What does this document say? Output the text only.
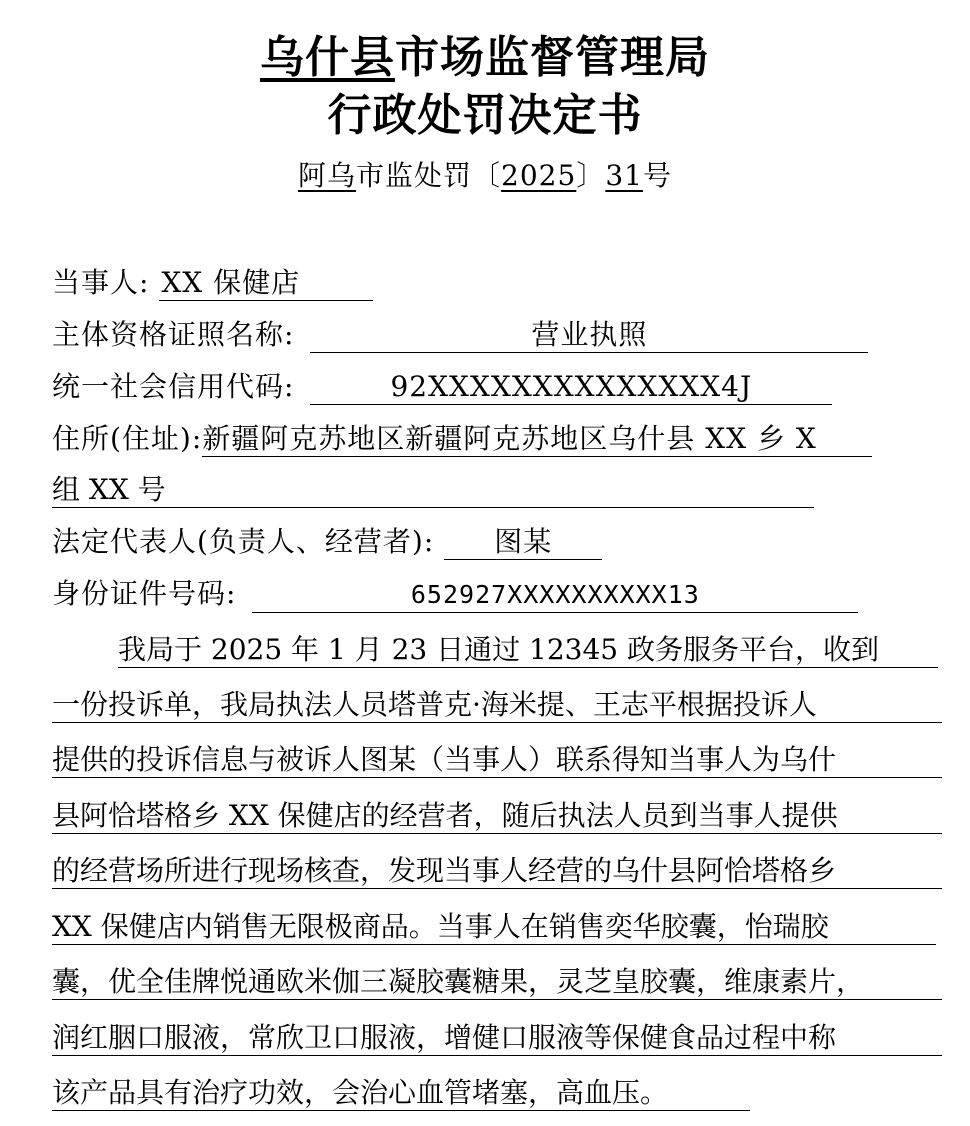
乌什县市场监督管理局
行政处罚决定书
阿乌市监处罚〔2025〕31号
当事人: XX 保健店
主体资格证照名称:	营业执照
统一社会信用代码:	92XXXXXXXXXXXXXX4J
住所(住址):新疆阿克苏地区新疆阿克苏地区乌什县 XX 乡 X
组 XX 号
法定代表人(负责人、经营者): 图某
身份证件号码:	652927XXXXXXXXXX13
我局于 2025 年 1 月 23 日通过 12345 政务服务平台，收到
一份投诉单，我局执法人员塔普克·海米提、王志平根据投诉人
提供的投诉信息与被诉人图某（当事人）联系得知当事人为乌什
县阿恰塔格乡 XX 保健店的经营者，随后执法人员到当事人提供
的经营场所进行现场核查，发现当事人经营的乌什县阿恰塔格乡
XX 保健店内销售无限极商品。当事人在销售奕华胶囊，怡瑞胶
囊，优全佳牌悦通欧米伽三凝胶囊糖果，灵芝皇胶囊，维康素片，
润红胭口服液，常欣卫口服液，增健口服液等保健食品过程中称
该产品具有治疗功效，会治心血管堵塞，高血压。
